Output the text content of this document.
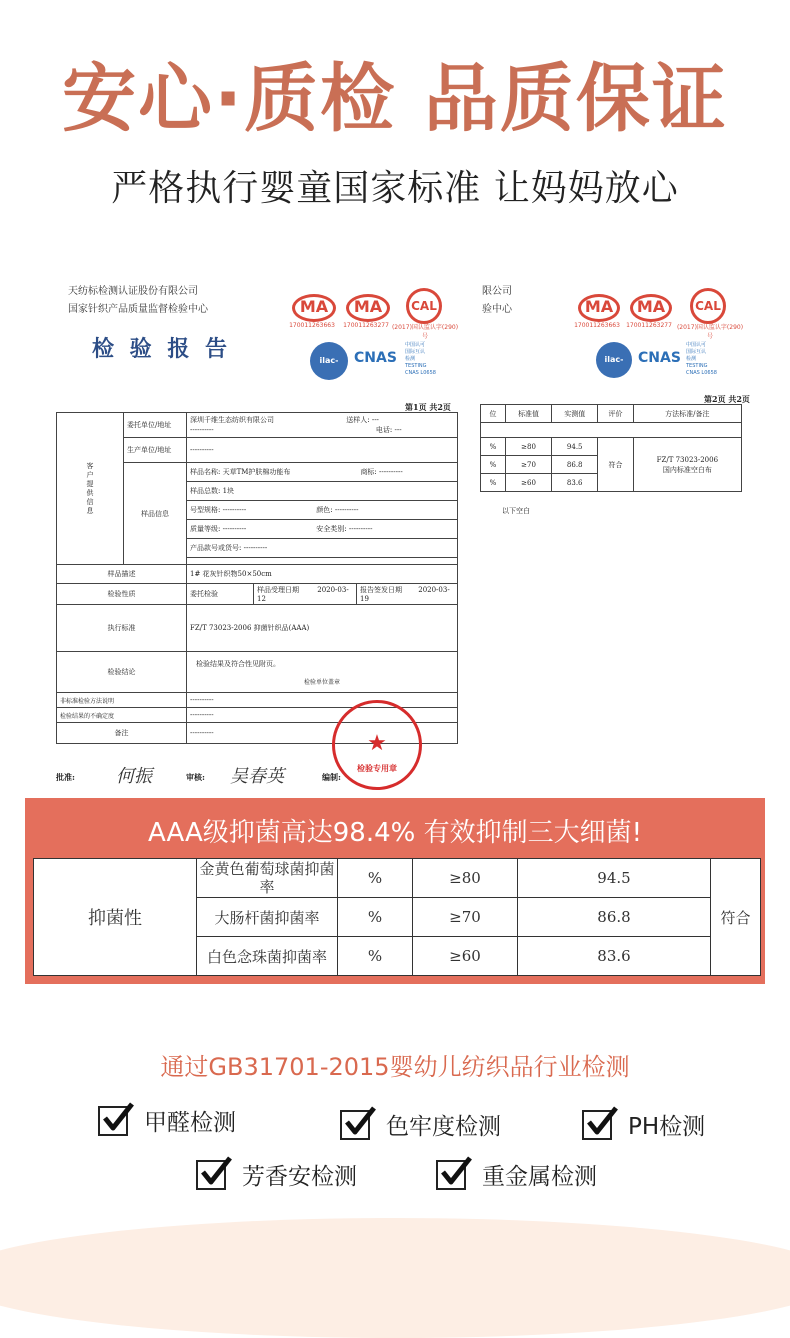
安心·质检 品质保证
严格执行婴童国家标准 让妈妈放心
天纺标检测认证股份有限公司
国家针织产品质量监督检验中心
检 验 报 告
MA	MA
170011263663	170011263277
CAL
(2017)国认监认字(290)号
ilac-MRA
CNAS
中国认可
国际互认
检测
TESTING
CNAS L0658
限公司
验中心	MA	MA
170011263663	170011263277
CAL
(2017)国认监认字(290)号
ilac-MRA
CNAS
中国认可
国际互认
检测
TESTING
CNAS L0658
第1页 共2页
第2页 共2页
位	标准值	实测值	评价	方法标准/备注

%	≥80	94.5	符合	FZ/T 73023-2006
国内标准空白布
%	≥70	86.8		
%	≥60	83.6		
以下空白
客户提供信息	委托单位/地址	深圳千维生态纺织有限公司 送样人: ---
---------- 电话: ---		
	生产单位/地址	----------		
	样品信息	样品名称: 天草TM护肤棉功能布 商标: ----------		
		样品总数: 1块		
		号型规格: ---------- 颜色: ----------		
		质量等级: ---------- 安全类别: ----------		
		产品款号或货号: ----------		

样品描述		1# 花灰针织物50×50cm		
检验性质		委托检验	样品受理日期 2020-03-12	报告签发日期 2020-03-19
执行标准		FZ/T 73023-2006 抑菌针织品(AAA)		
检验结论		检验结果及符合性见附页。
检验单位盖章		

非标准检验方法说明		----------		
检验结果的不确定度		----------		
备注		----------			★
检验专用章
批准: 何振	审核: 吴春英	编制:
AAA级抑菌高达98.4% 有效抑制三大细菌!
抑菌性	金黄色葡萄球菌抑菌率	%	≥80	94.5	符合
	大肠杆菌抑菌率	%	≥70	86.8	
	白色念珠菌抑菌率	%	≥60	83.6	
通过GB31701-2015婴幼儿纺织品行业检测
甲醛检测	色牢度检测	PH检测
芳香安检测	重金属检测
